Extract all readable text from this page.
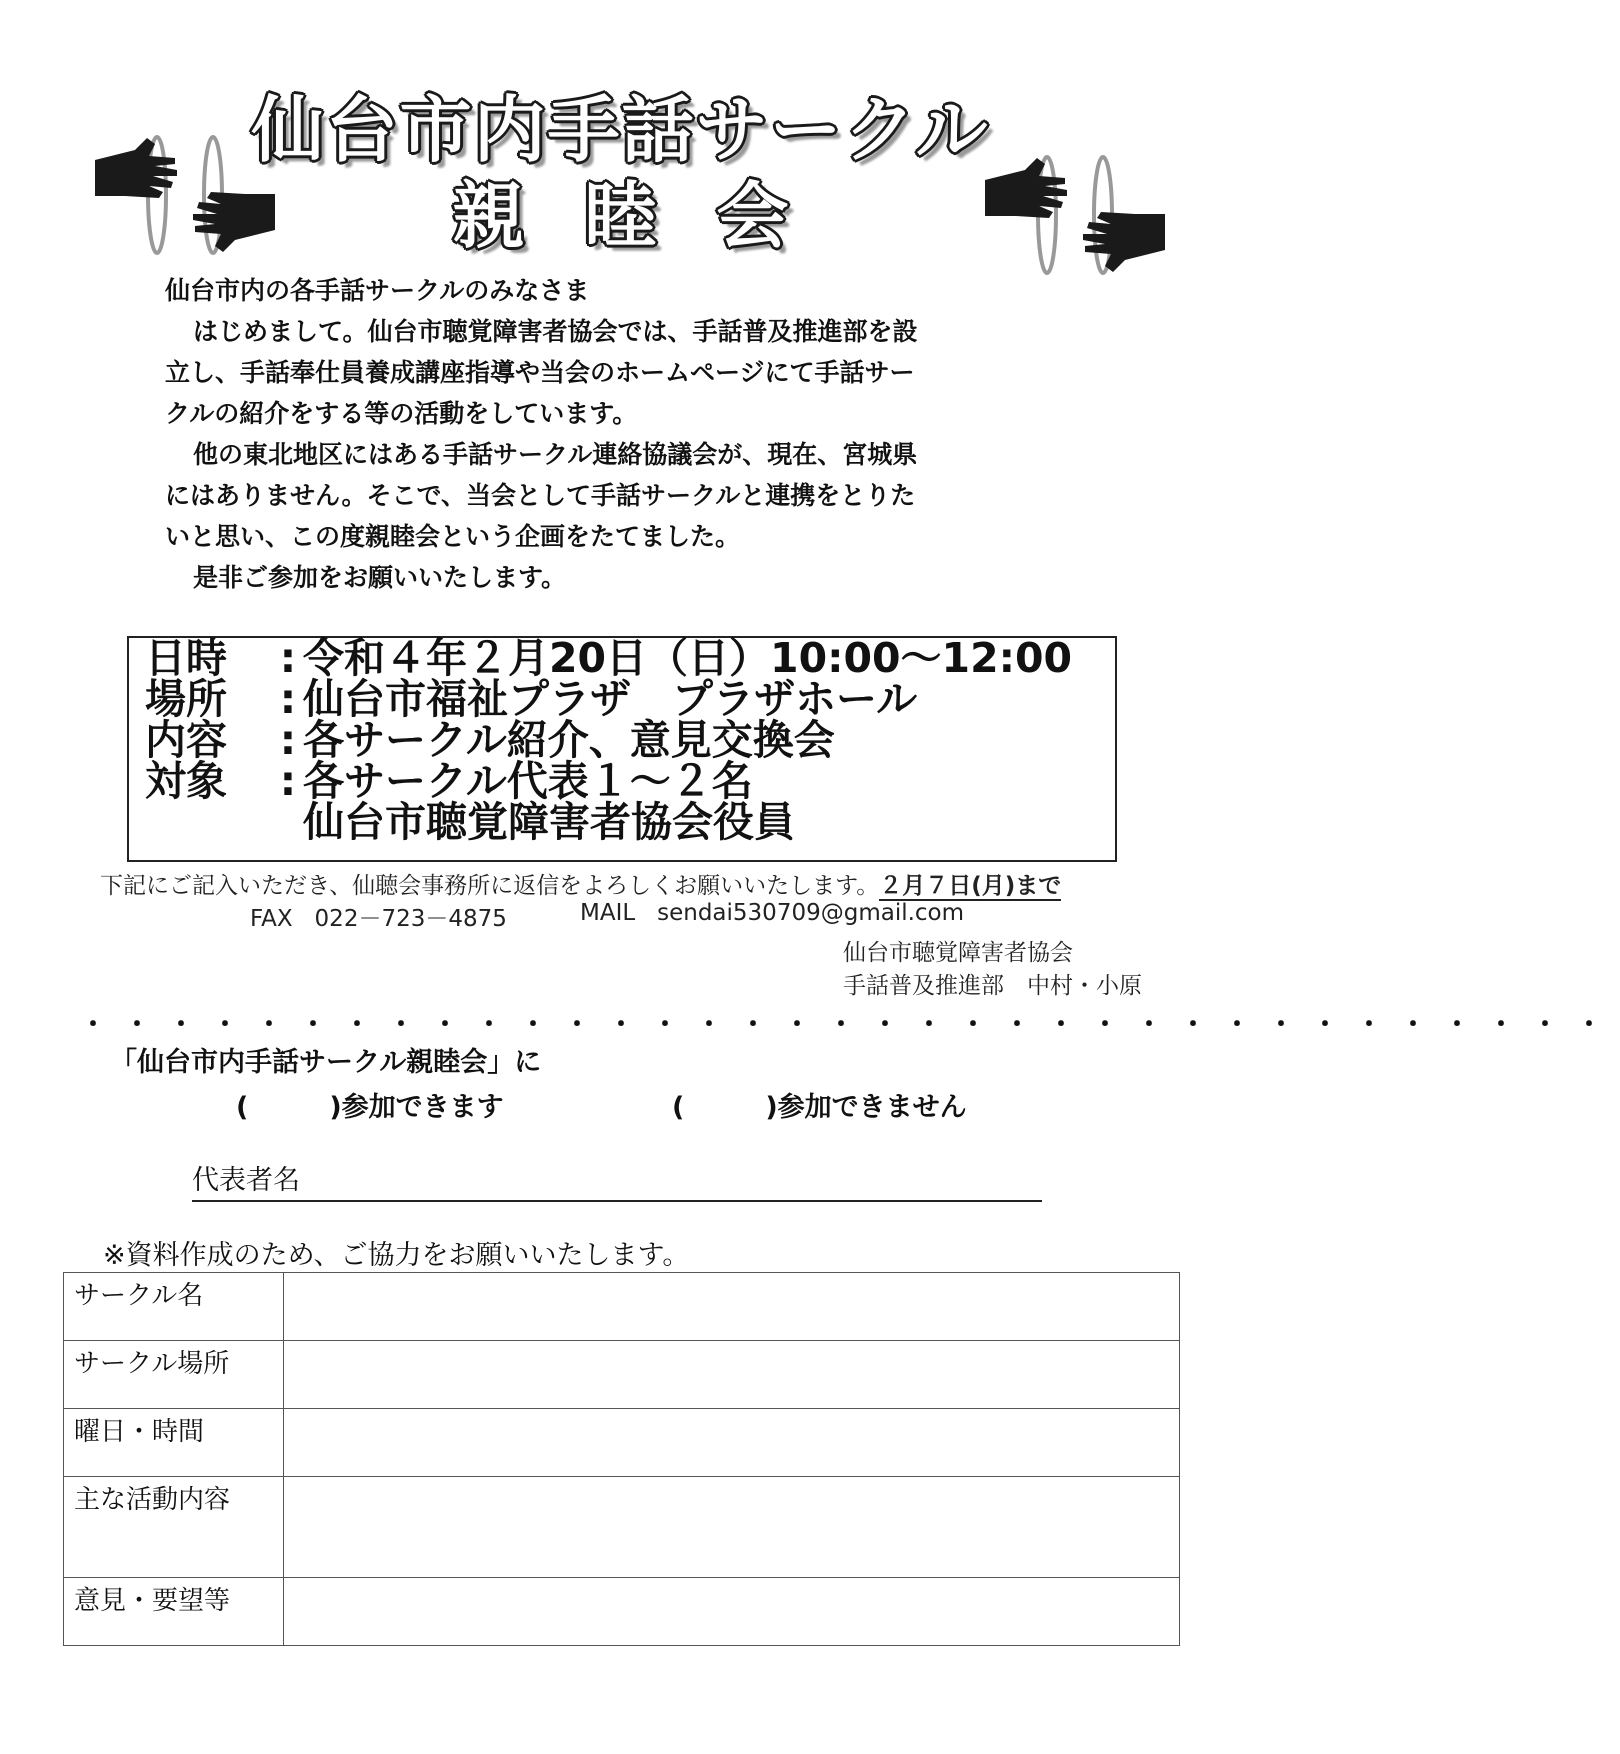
仙台市内手話サークル
親睦会

仙台市内の各手話サークルのみなさま

はじめまして。仙台市聴覚障害者協会では、手話普及推進部を設

立し、手話奉仕員養成講座指導や当会のホームページにて手話サー

クルの紹介をする等の活動をしています。

他の東北地区にはある手話サークル連絡協議会が、現在、宮城県

にはありません。そこで、当会として手話サークルと連携をとりた

いと思い、この度親睦会という企画をたてました。

是非ご参加をお願いいたします。

日時	: 令和４年２月20日（日）10:00～12:00
場所	: 仙台市福祉プラザ　プラザホール
内容	: 各サークル紹介、意見交換会
対象	: 各サークル代表１～２名
仙台市聴覚障害者協会役員
下記にご記入いただき、仙聴会事務所に返信をよろしくお願いいたします。２月７日(月)まで
FAX 022－723－4875	MAIL sendai530709@gmail.com
仙台市聴覚障害者協会
手話普及推進部　中村・小原
・・・・・・・・・・・・・・・・・・・・・・・・・・・・・・・・・・・
「仙台市内手話サークル親睦会」に
(　　　)参加できます	(　　　)参加できません
代表者名
※資料作成のため、ご協力をお願いいたします。
サークル名	
サークル場所	
曜日・時間	
主な活動内容	
意見・要望等	
